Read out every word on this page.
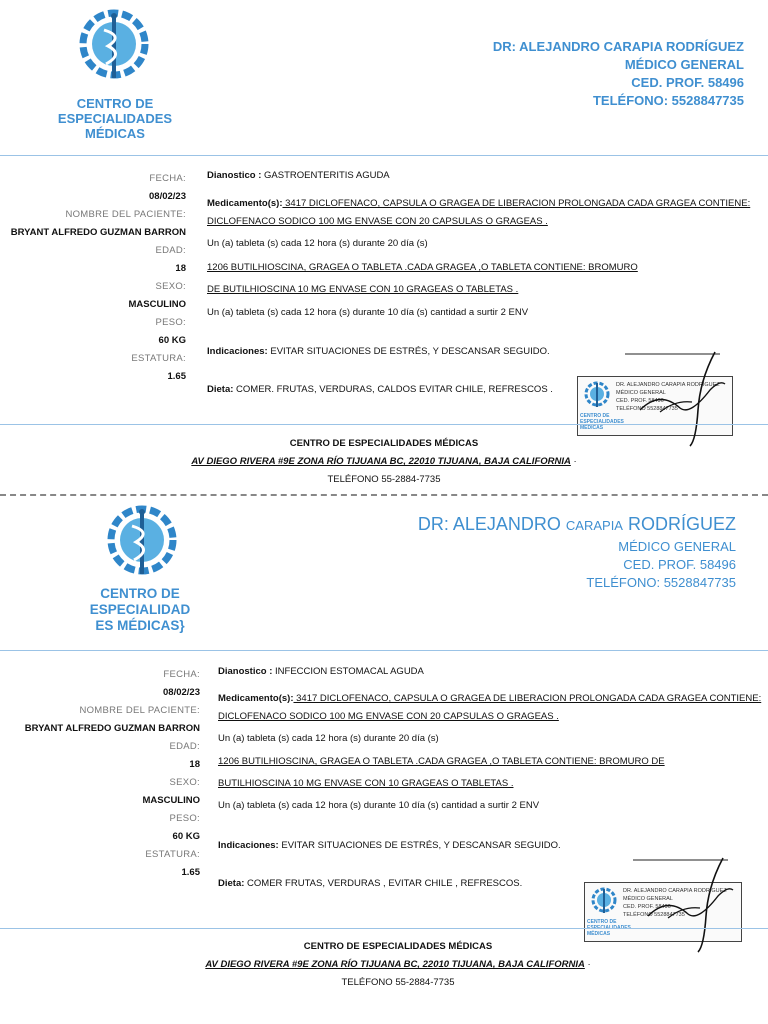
CENTRO DE
ESPECIALIDADES
MÉDICAS
DR: ALEJANDRO CARAPIA RODRÍGUEZ
MÉDICO GENERAL
CED. PROF. 58496
TELÉFONO: 5528847735
FECHA:
08/02/23
NOMBRE DEL PACIENTE:
BRYANT ALFREDO GUZMAN BARRON
EDAD:
18
SEXO:
MASCULINO
PESO:
60 KG
ESTATURA:
1.65
Dianostico : GASTROENTERITIS AGUDA
Medicamento(s): 3417 DICLOFENACO, CAPSULA O GRAGEA DE LIBERACION PROLONGADA CADA GRAGEA CONTIENE:
DICLOFENACO SODICO 100 MG ENVASE CON 20 CAPSULAS O GRAGEAS .
Un (a) tableta (s) cada 12 hora (s) durante 20 día (s)
1206 BUTILHIOSCINA, GRAGEA O TABLETA .CADA GRAGEA ,O TABLETA CONTIENE: BROMURO
DE BUTILHIOSCINA 10 MG ENVASE CON 10 GRAGEAS O TABLETAS .
Un (a) tableta (s) cada 12 hora (s) durante 10 día (s) cantidad a surtir 2 ENV
Indicaciones: EVITAR SITUACIONES DE ESTRÉS, Y DESCANSAR SEGUIDO.
Dieta: COMER. FRUTAS, VERDURAS, CALDOS EVITAR CHILE, REFRESCOS .	DR. ALEJANDRO CARAPIA RODRÍGUEZ
MÉDICO GENERAL
CED. PROF. 58496
TELÉFONO 5528847735
CENTRO DE
ESPECIALIDADES
MÉDICAS
CENTRO DE ESPECIALIDADES MÉDICAS
AV DIEGO RIVERA #9E ZONA RÍO TIJUANA BC, 22010 TIJUANA, BAJA CALIFORNIA ·
TELÉFONO 55-2884-7735
CENTRO DE
ESPECIALIDAD
ES MÉDICAS}
DR: ALEJANDRO CARAPIA RODRÍGUEZ
MÉDICO GENERAL
CED. PROF. 58496
TELÉFONO: 5528847735
FECHA:
08/02/23
NOMBRE DEL PACIENTE:
BRYANT ALFREDO GUZMAN BARRON
EDAD:
18
SEXO:
MASCULINO
PESO:
60 KG
ESTATURA:
1.65
Dianostico : INFECCION ESTOMACAL AGUDA
Medicamento(s): 3417 DICLOFENACO, CAPSULA O GRAGEA DE LIBERACION PROLONGADA CADA GRAGEA CONTIENE:
DICLOFENACO SODICO 100 MG ENVASE CON 20 CAPSULAS O GRAGEAS .
Un (a) tableta (s) cada 12 hora (s) durante 20 día (s)
1206 BUTILHIOSCINA, GRAGEA O TABLETA .CADA GRAGEA ,O TABLETA CONTIENE: BROMURO DE
BUTILHIOSCINA 10 MG ENVASE CON 10 GRAGEAS O TABLETAS .
Un (a) tableta (s) cada 12 hora (s) durante 10 día (s) cantidad a surtir 2 ENV
Indicaciones: EVITAR SITUACIONES DE ESTRÉS, Y DESCANSAR SEGUIDO.
Dieta: COMER FRUTAS, VERDURAS , EVITAR CHILE , REFRESCOS.
DR. ALEJANDRO CARAPIA RODRÍGUEZ
MÉDICO GENERAL
CED. PROF. 58496
TELÉFONO 5528847735
CENTRO DE
ESPECIALIDADES
MÉDICAS
CENTRO DE ESPECIALIDADES MÉDICAS
AV DIEGO RIVERA #9E ZONA RÍO TIJUANA BC, 22010 TIJUANA, BAJA CALIFORNIA ·
TELÉFONO 55-2884-7735
